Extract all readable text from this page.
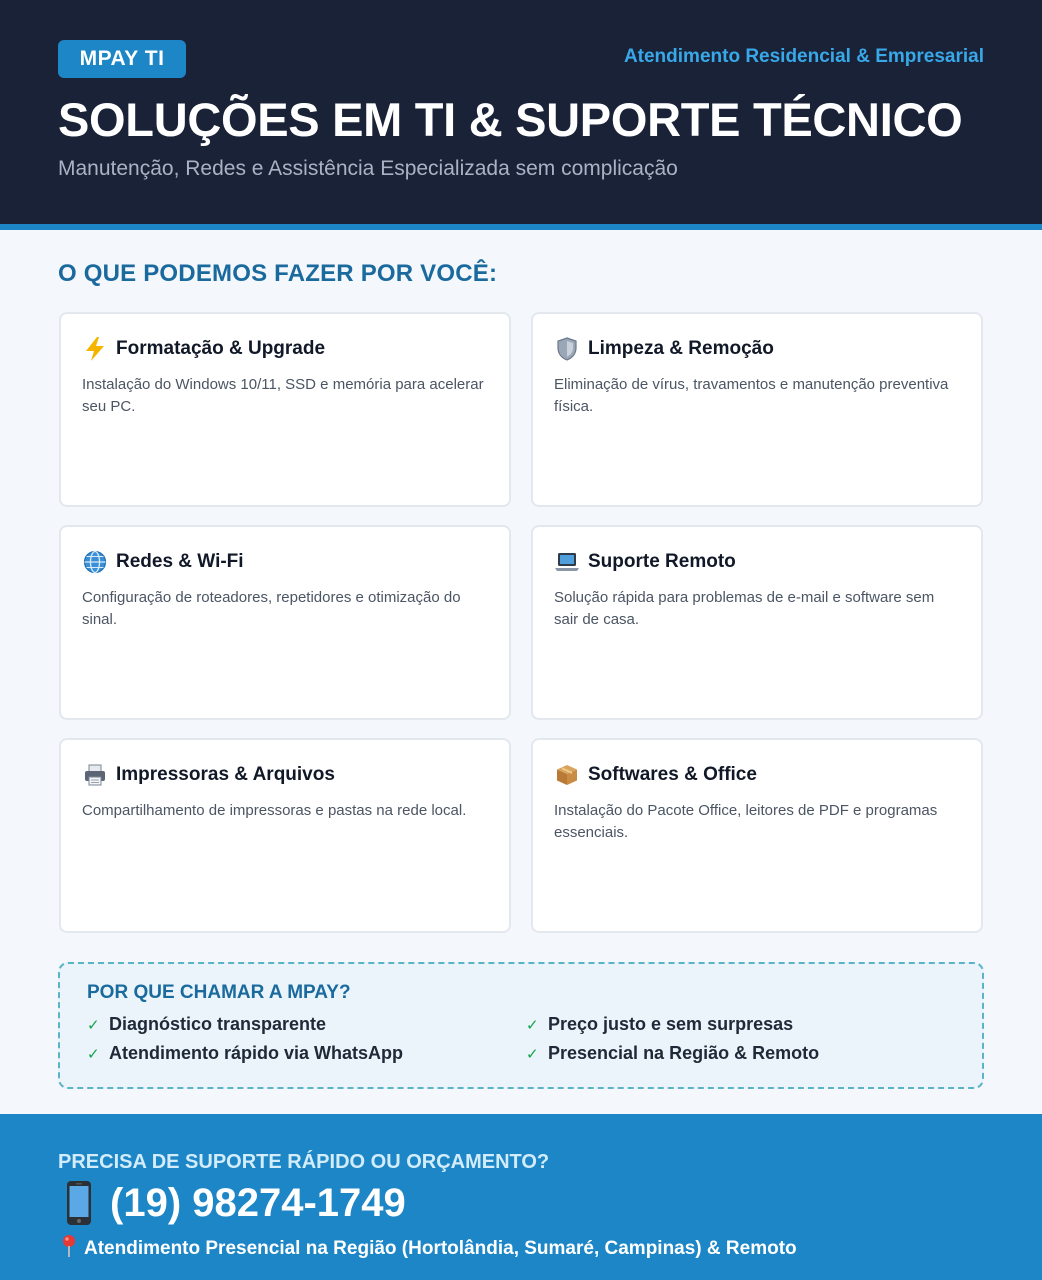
MPAY TI	Atendimento Residencial & Empresarial
SOLUÇÕES EM TI & SUPORTE TÉCNICO
Manutenção, Redes e Assistência Especializada sem complicação
O QUE PODEMOS FAZER POR VOCÊ:
Formatação & Upgrade
Instalação do Windows 10/11, SSD e memória para acelerar seu PC.
Limpeza & Remoção
Eliminação de vírus, travamentos e manutenção preventiva física.
Redes & Wi-Fi
Configuração de roteadores, repetidores e otimização do sinal.
Suporte Remoto
Solução rápida para problemas de e-mail e software sem sair de casa.
Impressoras & Arquivos
Compartilhamento de impressoras e pastas na rede local.
Softwares & Office
Instalação do Pacote Office, leitores de PDF e programas essenciais.
POR QUE CHAMAR A MPAY?
✓ Diagnóstico transparente	✓ Preço justo e sem surpresas
✓ Atendimento rápido via WhatsApp	✓ Presencial na Região & Remoto
PRECISA DE SUPORTE RÁPIDO OU ORÇAMENTO?
(19) 98274-1749
Atendimento Presencial na Região (Hortolândia, Sumaré, Campinas) & Remoto
